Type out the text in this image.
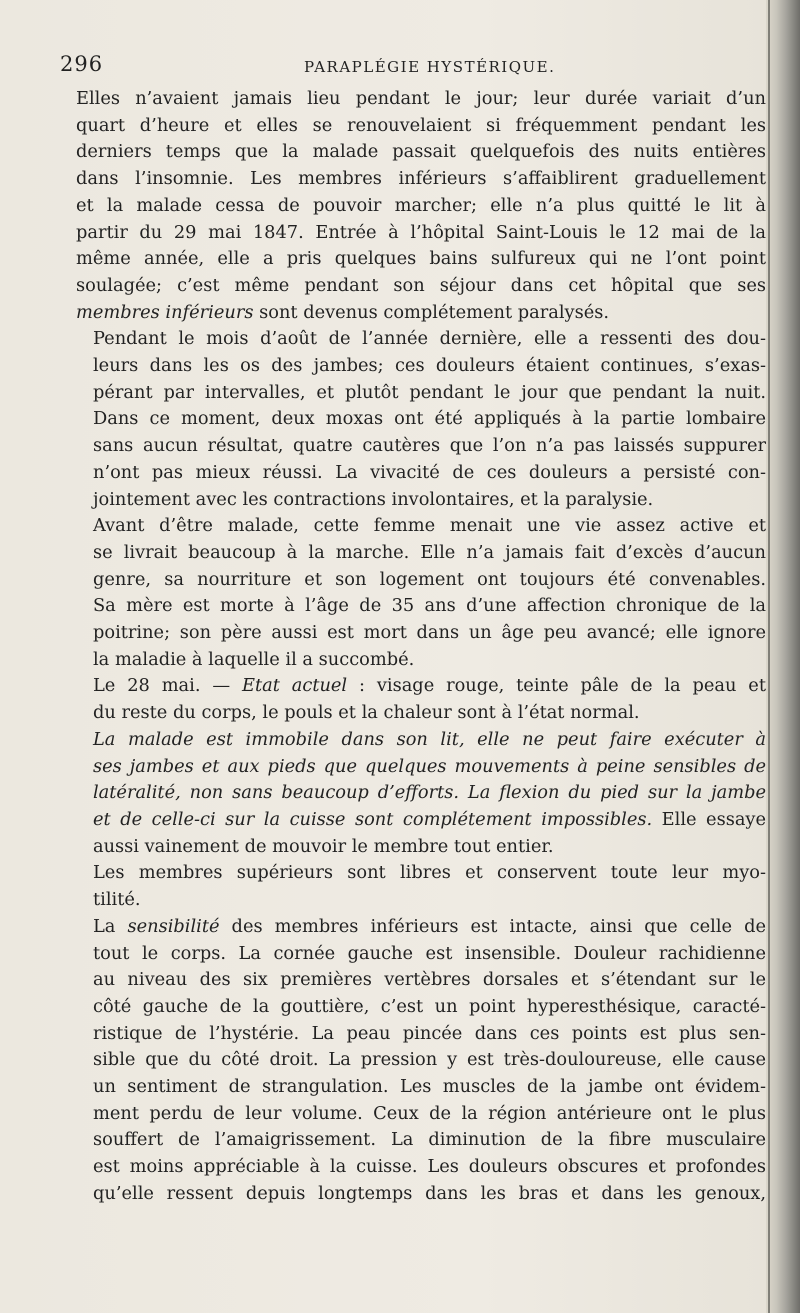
296	PARAPLÉGIE HYSTÉRIQUE.

Elles n’avaient jamais lieu pendant le jour; leur durée variait d’un
quart d’heure et elles se renouvelaient si fréquemment pendant les
derniers temps que la malade passait quelquefois des nuits entières
dans l’insomnie. Les membres inférieurs s’affaiblirent graduellement
et la malade cessa de pouvoir marcher; elle n’a plus quitté le lit à
partir du 29 mai 1847. Entrée à l’hôpital Saint-Louis le 12 mai de la
même année, elle a pris quelques bains sulfureux qui ne l’ont point
soulagée; c’est même pendant son séjour dans cet hôpital que ses
membres inférieurs sont devenus complétement paralysés.

Pendant le mois d’août de l’année dernière, elle a ressenti des dou-
leurs dans les os des jambes; ces douleurs étaient continues, s’exas-
pérant par intervalles, et plutôt pendant le jour que pendant la nuit.
Dans ce moment, deux moxas ont été appliqués à la partie lombaire
sans aucun résultat, quatre cautères que l’on n’a pas laissés suppurer
n’ont pas mieux réussi. La vivacité de ces douleurs a persisté con-
jointement avec les contractions involontaires, et la paralysie.

Avant d’être malade, cette femme menait une vie assez active et
se livrait beaucoup à la marche. Elle n’a jamais fait d’excès d’aucun
genre, sa nourriture et son logement ont toujours été convenables.
Sa mère est morte à l’âge de 35 ans d’une affection chronique de la
poitrine; son père aussi est mort dans un âge peu avancé; elle ignore
la maladie à laquelle il a succombé.

Le 28 mai. — Etat actuel : visage rouge, teinte pâle de la peau et
du reste du corps, le pouls et la chaleur sont à l’état normal.

La malade est immobile dans son lit, elle ne peut faire exécuter à
ses jambes et aux pieds que quelques mouvements à peine sensibles de
latéralité, non sans beaucoup d’efforts. La flexion du pied sur la jambe
et de celle-ci sur la cuisse sont complétement impossibles. Elle essaye
aussi vainement de mouvoir le membre tout entier.

Les membres supérieurs sont libres et conservent toute leur myo-
tilité.

La sensibilité des membres inférieurs est intacte, ainsi que celle de
tout le corps. La cornée gauche est insensible. Douleur rachidienne
au niveau des six premières vertèbres dorsales et s’étendant sur le
côté gauche de la gouttière, c’est un point hyperesthésique, caracté-
ristique de l’hystérie. La peau pincée dans ces points est plus sen-
sible que du côté droit. La pression y est très-douloureuse, elle cause
un sentiment de strangulation. Les muscles de la jambe ont évidem-
ment perdu de leur volume. Ceux de la région antérieure ont le plus
souffert de l’amaigrissement. La diminution de la fibre musculaire
est moins appréciable à la cuisse. Les douleurs obscures et profondes
qu’elle ressent depuis longtemps dans les bras et dans les genoux,
